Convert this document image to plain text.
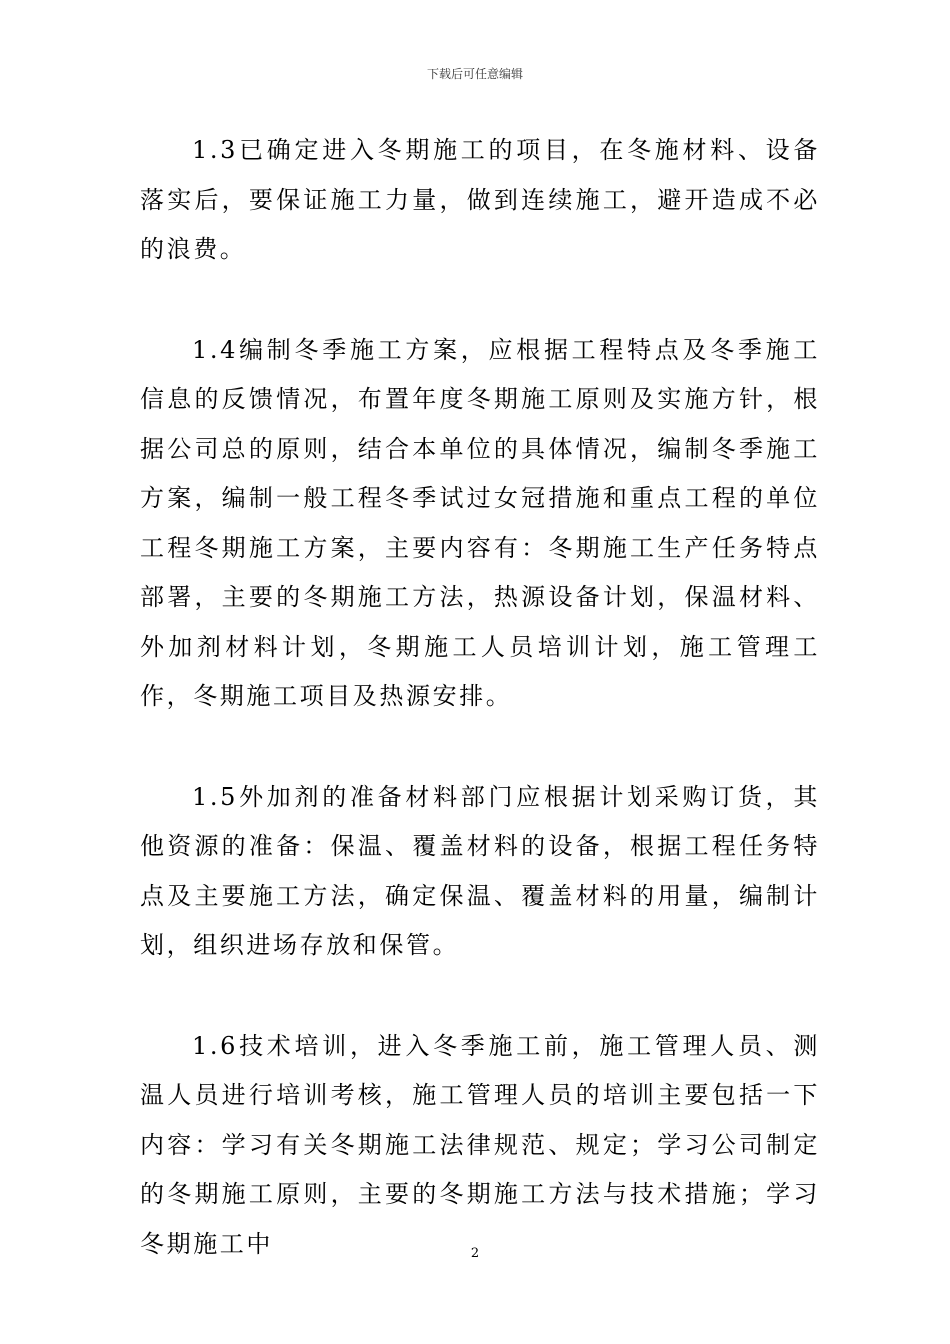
下载后可任意编辑

1.3已确定进入冬期施工的项目，在冬施材料、设备落实后，要保证施工力量，做到连续施工，避开造成不必的浪费。

1.4编制冬季施工方案，应根据工程特点及冬季施工信息的反馈情况，布置年度冬期施工原则及实施方针，根据公司总的原则，结合本单位的具体情况，编制冬季施工方案，编制一般工程冬季试过女冠措施和重点工程的单位工程冬期施工方案，主要内容有：冬期施工生产任务特点部署，主要的冬期施工方法，热源设备计划，保温材料、外加剂材料计划，冬期施工人员培训计划，施工管理工作，冬期施工项目及热源安排。

1.5外加剂的准备材料部门应根据计划采购订货，其他资源的准备：保温、覆盖材料的设备，根据工程任务特点及主要施工方法，确定保温、覆盖材料的用量，编制计划，组织进场存放和保管。

1.6技术培训，进入冬季施工前，施工管理人员、测温人员进行培训考核，施工管理人员的培训主要包括一下内容：学习有关冬期施工法律规范、规定；学习公司制定的冬期施工原则，主要的冬期施工方法与技术措施；学习冬期施工中	2
